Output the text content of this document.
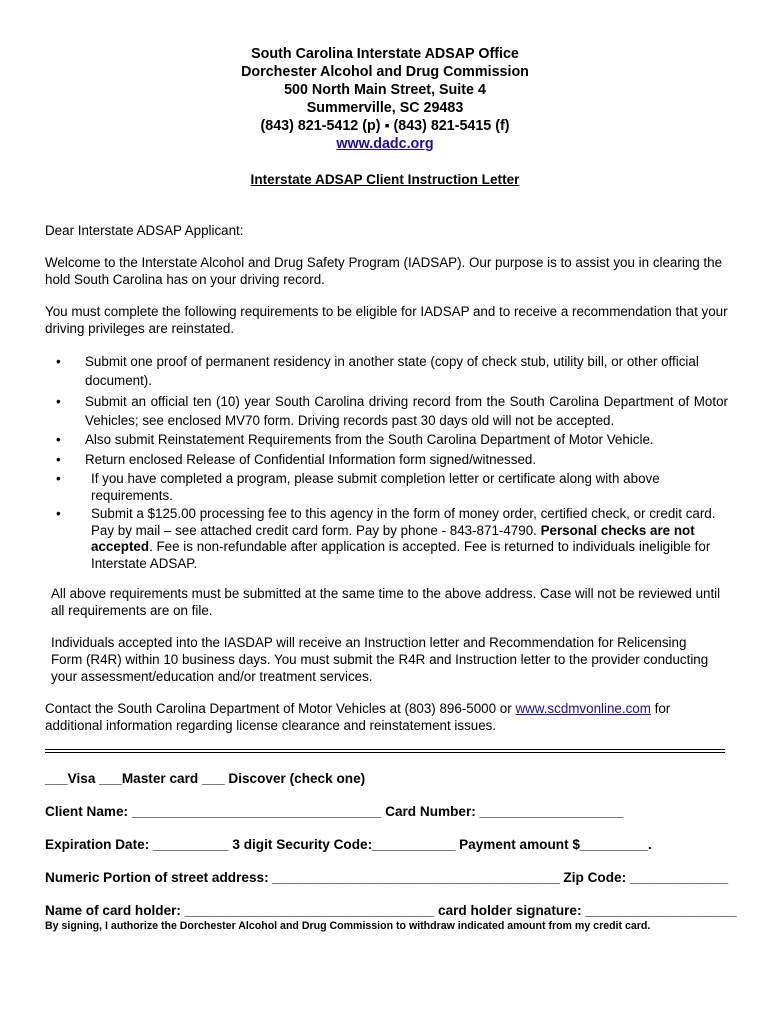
South Carolina Interstate ADSAP Office
Dorchester Alcohol and Drug Commission
500 North Main Street, Suite 4
Summerville, SC 29483
(843) 821-5412 (p) ▪ (843) 821-5415 (f)
www.dadc.org
Interstate ADSAP Client Instruction Letter

Dear Interstate ADSAP Applicant:

Welcome to the Interstate Alcohol and Drug Safety Program (IADSAP). Our purpose is to assist you in clearing the hold South Carolina has on your driving record.

You must complete the following requirements to be eligible for IADSAP and to receive a recommendation that your driving privileges are reinstated.

• Submit one proof of permanent residency in another state (copy of check stub, utility bill, or other official document).
• Submit an official ten (10) year South Carolina driving record from the South Carolina Department of Motor Vehicles; see enclosed MV70 form. Driving records past 30 days old will not be accepted.
• Also submit Reinstatement Requirements from the South Carolina Department of Motor Vehicle.
• Return enclosed Release of Confidential Information form signed/witnessed.
• If you have completed a program, please submit completion letter or certificate along with above requirements.
• Submit a $125.00 processing fee to this agency in the form of money order, certified check, or credit card. Pay by mail – see attached credit card form. Pay by phone - 843-871-4790. Personal checks are not accepted. Fee is non-refundable after application is accepted. Fee is returned to individuals ineligible for Interstate ADSAP.

All above requirements must be submitted at the same time to the above address. Case will not be reviewed until all requirements are on file.

Individuals accepted into the IASDAP will receive an Instruction letter and Recommendation for Relicensing Form (R4R) within 10 business days. You must submit the R4R and Instruction letter to the provider conducting your assessment/education and/or treatment services.

Contact the South Carolina Department of Motor Vehicles at (803) 896-5000 or www.scdmvonline.com for additional information regarding license clearance and reinstatement issues.

___Visa ___Master card ___ Discover (check one)
Client Name: _________________________________ Card Number: ___________________
Expiration Date: __________ 3 digit Security Code:___________ Payment amount $_________.
Numeric Portion of street address: ______________________________________ Zip Code: _____________
Name of card holder: _________________________________ card holder signature: ____________________
By signing, I authorize the Dorchester Alcohol and Drug Commission to withdraw indicated amount from my credit card.
